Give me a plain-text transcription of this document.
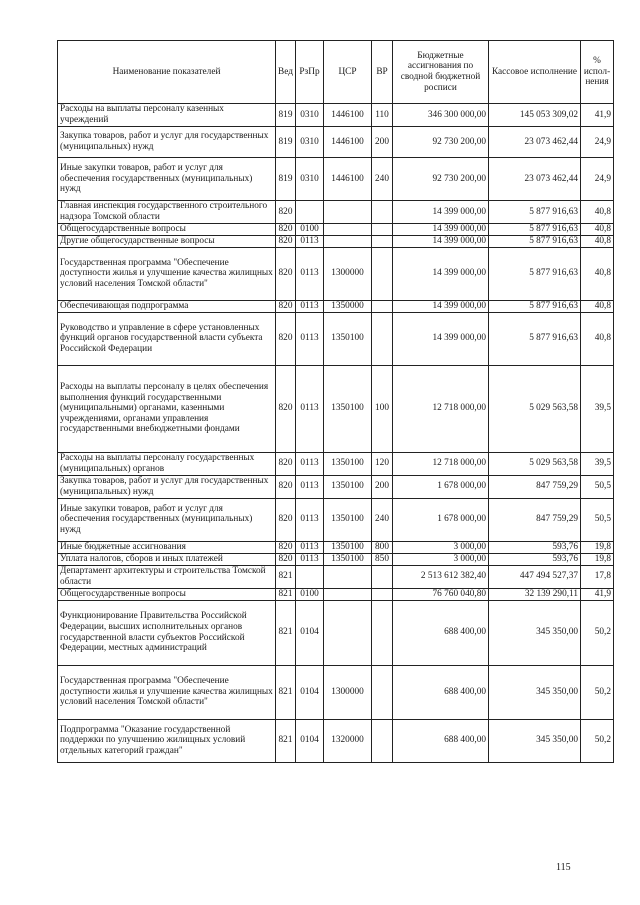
Наименование показателей	Вед	РзПр	ЦСР	ВР	Бюджетные ассигнования по сводной бюджетной росписи	Кассовое исполнение	% испол-нения
Расходы на выплаты персоналу казенных учреждений	819	0310	1446100	110	346 300 000,00	145 053 309,02	41,9
Закупка товаров, работ и услуг для государственных (муниципальных) нужд	819	0310	1446100	200	92 730 200,00	23 073 462,44	24,9
Иные закупки товаров, работ и услуг для обеспечения государственных (муниципальных) нужд	819	0310	1446100	240	92 730 200,00	23 073 462,44	24,9
Главная инспекция государственного строительного надзора Томской области	820				14 399 000,00	5 877 916,63	40,8
Общегосударственные вопросы	820	0100			14 399 000,00	5 877 916,63	40,8
Другие общегосударственные вопросы	820	0113			14 399 000,00	5 877 916,63	40,8
Государственная программа "Обеспечение доступности жилья и улучшение качества жилищных условий населения Томской области"	820	0113	1300000		14 399 000,00	5 877 916,63	40,8
Обеспечивающая подпрограмма	820	0113	1350000		14 399 000,00	5 877 916,63	40,8
Руководство и управление в сфере установленных функций органов государственной власти субъекта Российской Федерации	820	0113	1350100		14 399 000,00	5 877 916,63	40,8
Расходы на выплаты персоналу в целях обеспечения выполнения функций государственными (муниципальными) органами, казенными учреждениями, органами управления государственными внебюджетными фондами	820	0113	1350100	100	12 718 000,00	5 029 563,58	39,5
Расходы на выплаты персоналу государственных (муниципальных) органов	820	0113	1350100	120	12 718 000,00	5 029 563,58	39,5
Закупка товаров, работ и услуг для государственных (муниципальных) нужд	820	0113	1350100	200	1 678 000,00	847 759,29	50,5
Иные закупки товаров, работ и услуг для обеспечения государственных (муниципальных) нужд	820	0113	1350100	240	1 678 000,00	847 759,29	50,5
Иные бюджетные ассигнования	820	0113	1350100	800	3 000,00	593,76	19,8
Уплата налогов, сборов и иных платежей	820	0113	1350100	850	3 000,00	593,76	19,8
Департамент архитектуры и строительства Томской области	821				2 513 612 382,40	447 494 527,37	17,8
Общегосударственные вопросы	821	0100			76 760 040,80	32 139 290,11	41,9
Функционирование Правительства Российской Федерации, высших исполнительных органов государственной власти субъектов Российской Федерации, местных администраций	821	0104			688 400,00	345 350,00	50,2
Государственная программа "Обеспечение доступности жилья и улучшение качества жилищных условий населения Томской области"	821	0104	1300000		688 400,00	345 350,00	50,2
Подпрограмма "Оказание государственной поддержки по улучшению жилищных условий отдельных категорий граждан"	821	0104	1320000		688 400,00	345 350,00	50,2
115
